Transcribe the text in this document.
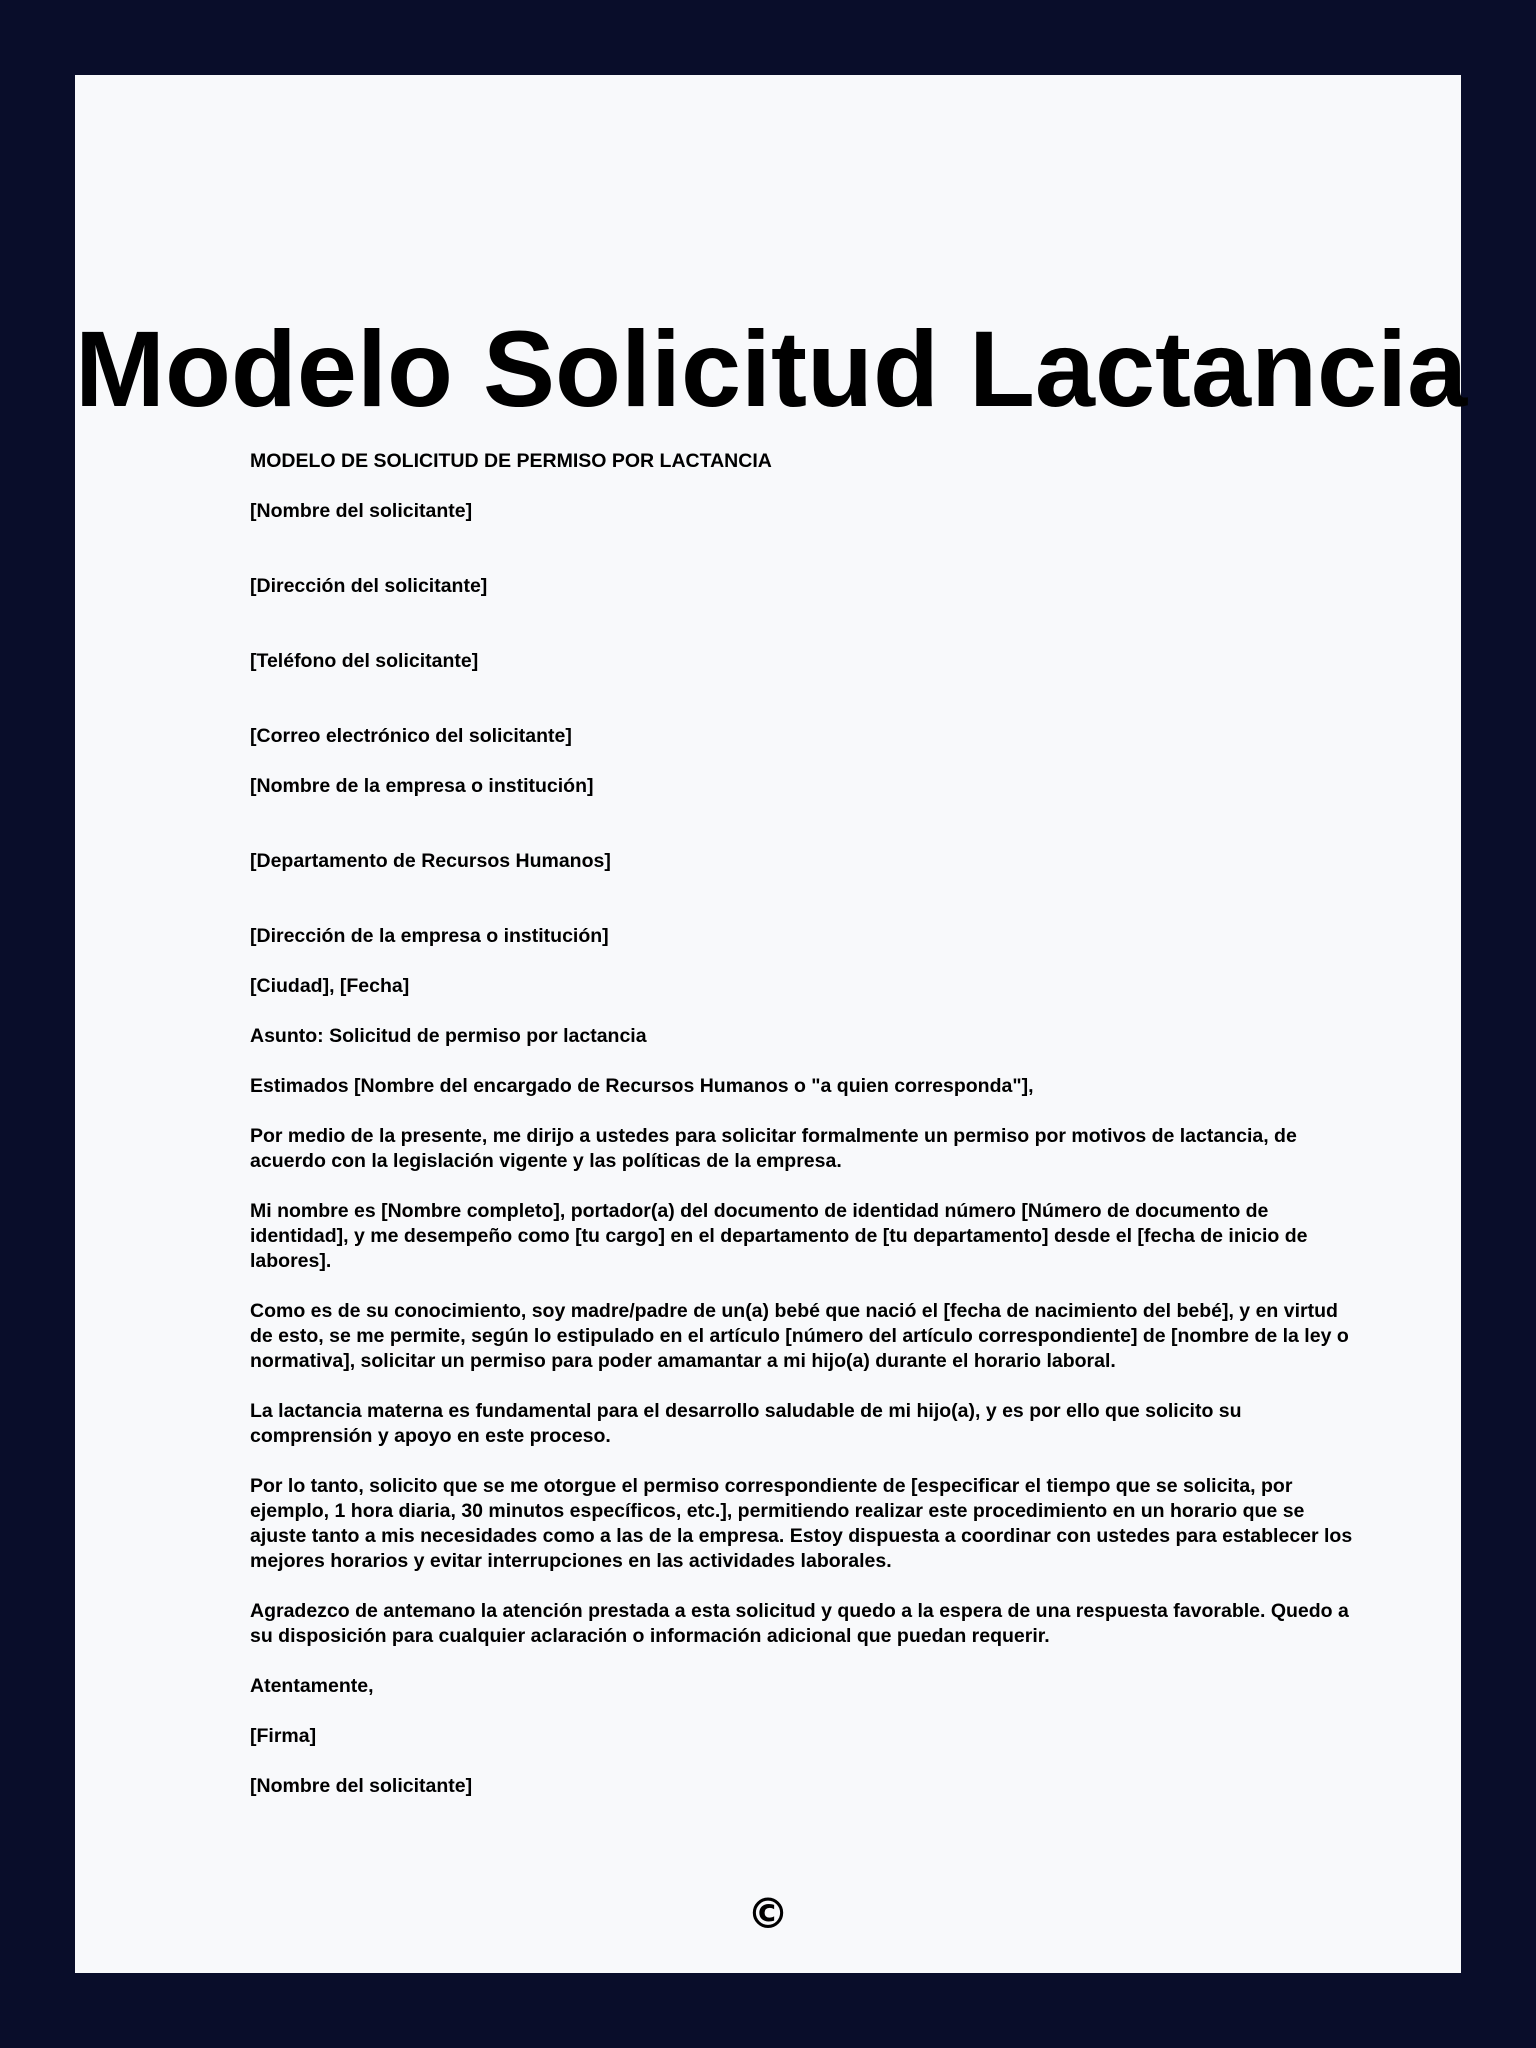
Modelo Solicitud Lactancia

MODELO DE SOLICITUD DE PERMISO POR LACTANCIA

[Nombre del solicitante]

[Dirección del solicitante]

[Teléfono del solicitante]

[Correo electrónico del solicitante]

[Nombre de la empresa o institución]

[Departamento de Recursos Humanos]

[Dirección de la empresa o institución]

[Ciudad], [Fecha]

Asunto: Solicitud de permiso por lactancia

Estimados [Nombre del encargado de Recursos Humanos o "a quien corresponda"],

Por medio de la presente, me dirijo a ustedes para solicitar formalmente un permiso por motivos de lactancia, de acuerdo con la legislación vigente y las políticas de la empresa.

Mi nombre es [Nombre completo], portador(a) del documento de identidad número [Número de documento de identidad], y me desempeño como [tu cargo] en el departamento de [tu departamento] desde el [fecha de inicio de labores].

Como es de su conocimiento, soy madre/padre de un(a) bebé que nació el [fecha de nacimiento del bebé], y en virtud de esto, se me permite, según lo estipulado en el artículo [número del artículo correspondiente] de [nombre de la ley o normativa], solicitar un permiso para poder amamantar a mi hijo(a) durante el horario laboral.

La lactancia materna es fundamental para el desarrollo saludable de mi hijo(a), y es por ello que solicito su comprensión y apoyo en este proceso.

Por lo tanto, solicito que se me otorgue el permiso correspondiente de [especificar el tiempo que se solicita, por ejemplo, 1 hora diaria, 30 minutos específicos, etc.], permitiendo realizar este procedimiento en un horario que se ajuste tanto a mis necesidades como a las de la empresa. Estoy dispuesta a coordinar con ustedes para establecer los mejores horarios y evitar interrupciones en las actividades laborales.

Agradezco de antemano la atención prestada a esta solicitud y quedo a la espera de una respuesta favorable. Quedo a su disposición para cualquier aclaración o información adicional que puedan requerir.

Atentamente,

[Firma]

[Nombre del solicitante]

©
